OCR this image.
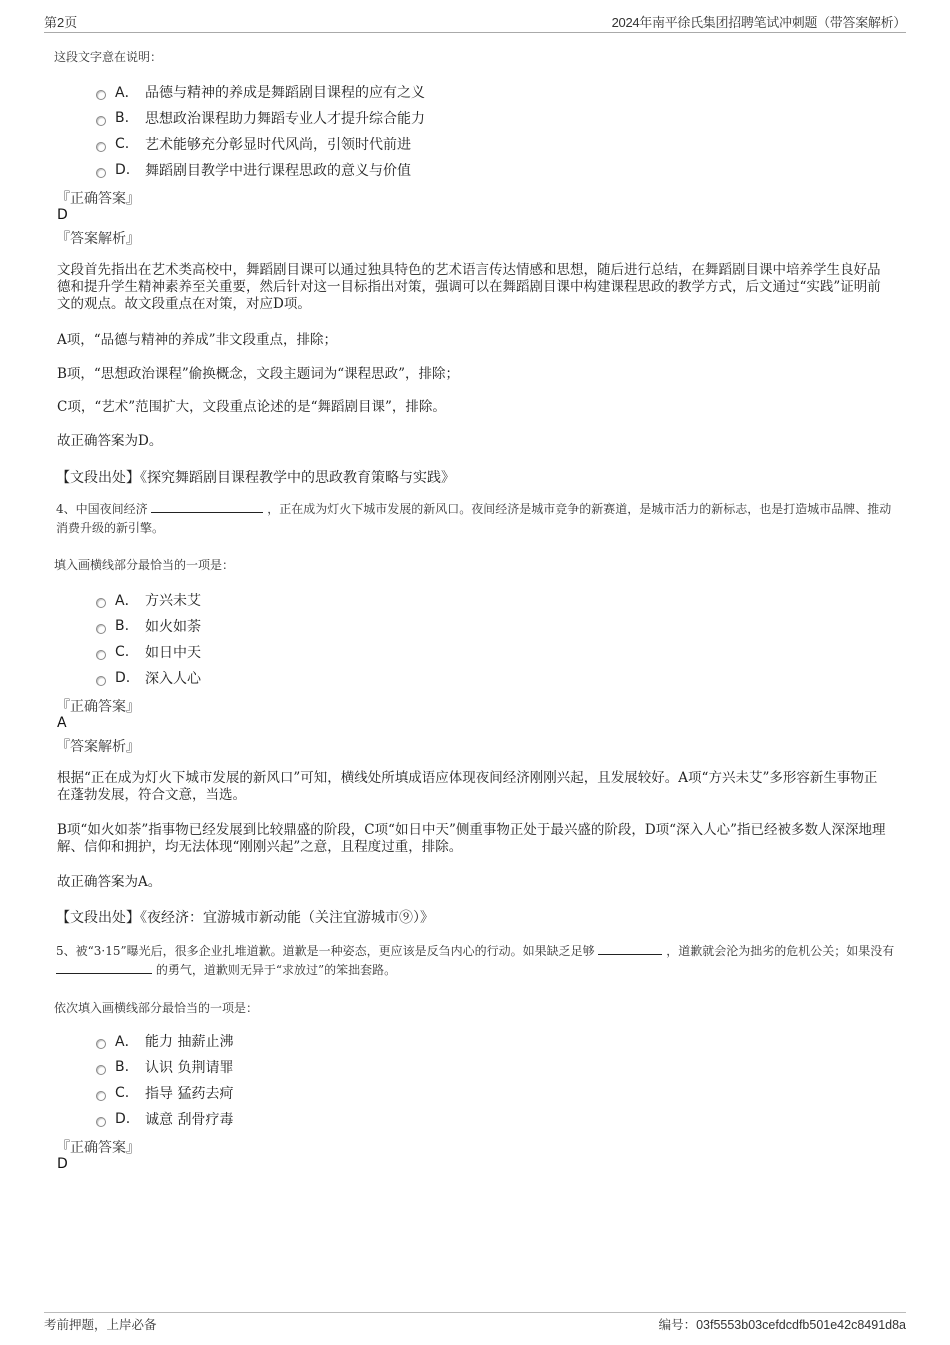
第2页	2024年南平徐氏集团招聘笔试冲刺题（带答案解析）
这段文字意在说明：
A． 品德与精神的养成是舞蹈剧目课程的应有之义
B.	思想政治课程助力舞蹈专业人才提升综合能力
C.	艺术能够充分彰显时代风尚，引领时代前进
D.	舞蹈剧目教学中进行课程思政的意义与价值
『正确答案』
D
『答案解析』
文段首先指出在艺术类高校中，舞蹈剧目课可以通过独具特色的艺术语言传达情感和思想，随后进行总结，在舞蹈剧目课中培养学生良好品德和提升学生精神素养至关重要，然后针对这一目标指出对策，强调可以在舞蹈剧目课中构建课程思政的教学方式，后文通过“实践”证明前文的观点。故文段重点在对策，对应D项。
A项，“品德与精神的养成”非文段重点，排除；
B项，“思想政治课程”偷换概念，文段主题词为“课程思政”，排除；
C项，“艺术”范围扩大，文段重点论述的是“舞蹈剧目课”，排除。
故正确答案为D。
【文段出处】《探究舞蹈剧目课程教学中的思政教育策略与实践》
4、中国夜间经济	，正在成为灯火下城市发展的新风口。夜间经济是城市竞争的新赛道，是城市活力的新标志，也是打造城市品牌、推动消费升级的新引擎。
填入画横线部分最恰当的一项是：
A． 方兴未艾
B.	如火如荼
C.	如日中天
D.	深入人心
『正确答案』
A
『答案解析』
根据“正在成为灯火下城市发展的新风口”可知，横线处所填成语应体现夜间经济刚刚兴起，且发展较好。A项“方兴未艾”多形容新生事物正在蓬勃发展，符合文意，当选。
B项“如火如荼”指事物已经发展到比较鼎盛的阶段，C项“如日中天”侧重事物正处于最兴盛的阶段，D项“深入人心”指已经被多数人深深地理解、信仰和拥护，均无法体现“刚刚兴起”之意，且程度过重，排除。
故正确答案为A。
【文段出处】《夜经济：宜游城市新动能（关注宜游城市⑨）》
5、被“3·15”曝光后，很多企业扎堆道歉。道歉是一种姿态，更应该是反刍内心的行动。如果缺乏足够	，道歉就会沦为拙劣的危机公关；如果没有  的勇气，道歉则无异于“求放过”的笨拙套路。
依次填入画横线部分最恰当的一项是：
A． 能力 抽薪止沸
B.	认识 负荆请罪
C.	指导 猛药去疴
D.	诚意 刮骨疗毒
『正确答案』
D
考前押题，上岸必备	编号：03f5553b03cefdcdfb501e42c8491d8a
